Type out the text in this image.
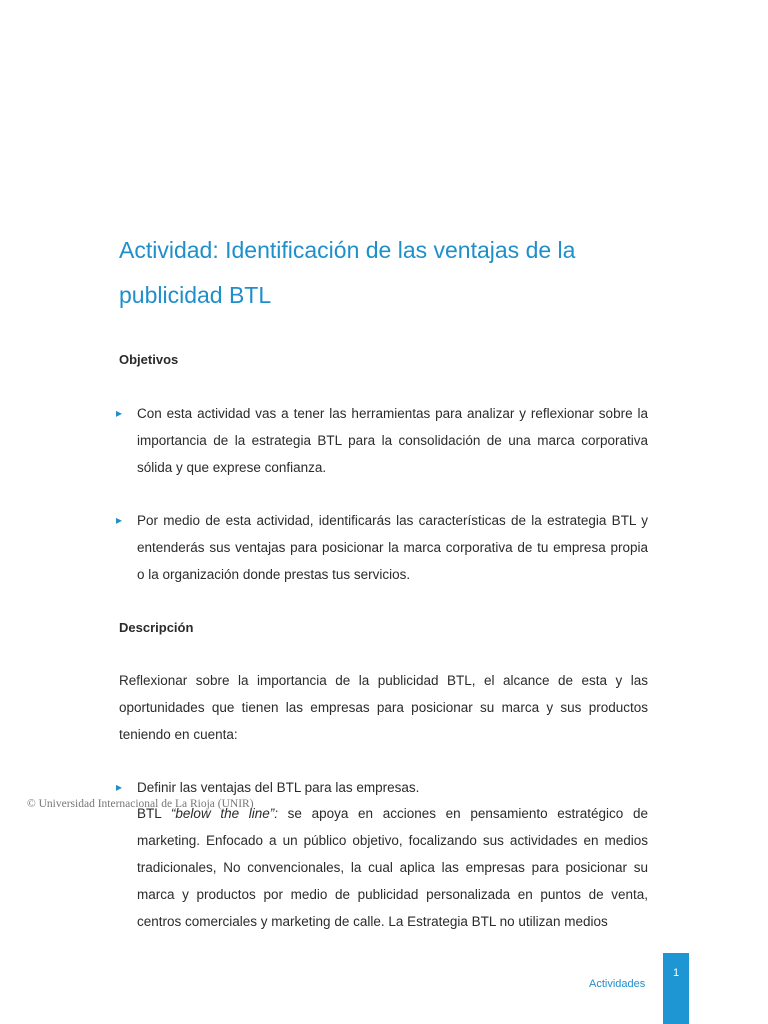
Actividad: Identificación de las ventajas de la publicidad BTL
Objetivos
▸ Con esta actividad vas a tener las herramientas para analizar y reflexionar sobre la importancia de la estrategia BTL para la consolidación de una marca corporativa sólida y que exprese confianza.

▸ Por medio de esta actividad, identificarás las características de la estrategia BTL y entenderás sus ventajas para posicionar la marca corporativa de tu empresa propia o la organización donde prestas tus servicios.

Descripción

Reflexionar sobre la importancia de la publicidad BTL, el alcance de esta y las oportunidades que tienen las empresas para posicionar su marca y sus productos teniendo en cuenta:

▸ Definir las ventajas del BTL para las empresas.

BTL “below the line”: se apoya en acciones en pensamiento estratégico de marketing. Enfocado a un público objetivo, focalizando sus actividades en medios tradicionales, No convencionales, la cual aplica las empresas para posicionar su marca y productos por medio de publicidad personalizada en puntos de venta, centros comerciales y marketing de calle. La Estrategia BTL no utilizan medios

© Universidad Internacional de La Rioja (UNIR)

Actividades
1
